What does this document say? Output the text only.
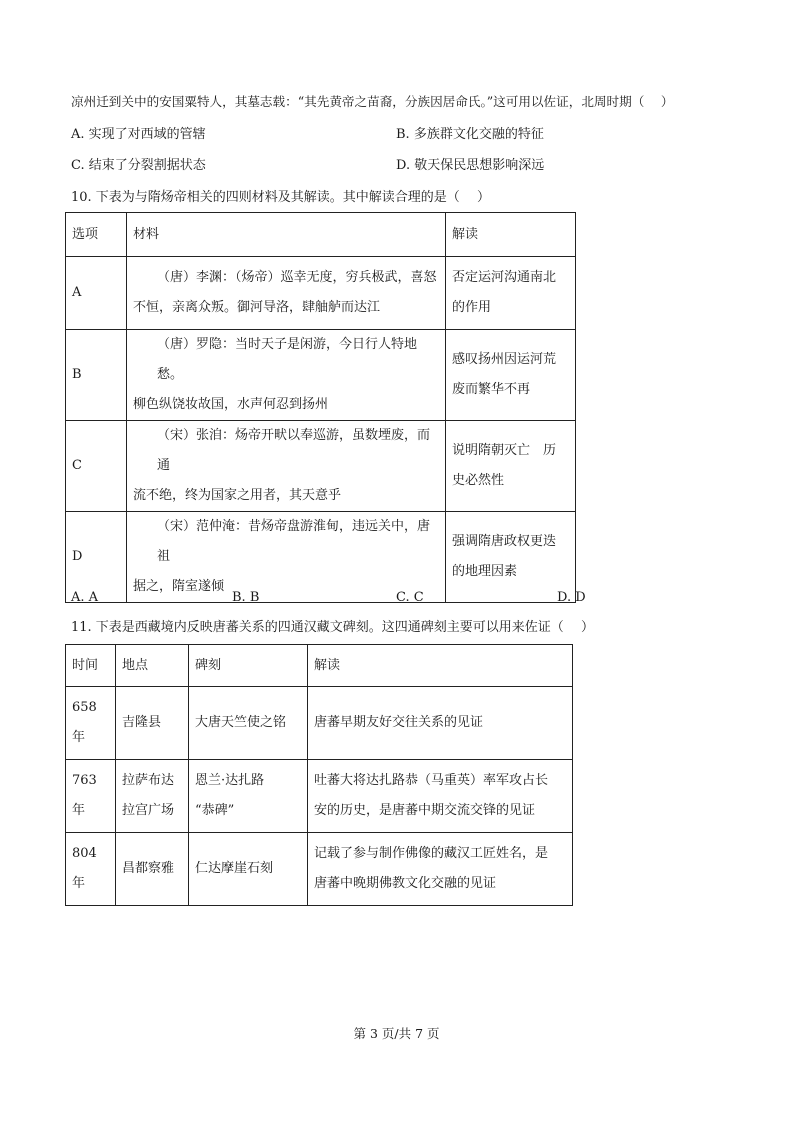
凉州迁到关中的安国粟特人，其墓志载：“其先黄帝之苗裔，分族因居命氏。”这可用以佐证，北周时期（　 ）
A. 实现了对西域的管辖	B. 多族群文化交融的特征
C. 结束了分裂割据状态	D. 敬天保民思想影响深远
10. 下表为与隋炀帝相关的四则材料及其解读。其中解读合理的是（　 ）
选项	材料	解读
A	（唐）李渊：（炀帝）巡幸无度，穷兵极武，喜怒
不恒，亲离众叛。御河导洛，肆舳舻而达江	否定运河沟通南北
的作用

B	（唐）罗隐：当时天子是闲游，今日行人特地愁。
柳色纵饶妆故国，水声何忍到扬州	感叹扬州因运河荒
废而繁华不再

C	（宋）张洎：炀帝开畎以奉巡游，虽数堙废，而通
流不绝，终为国家之用者，其天意乎	说明隋朝灭亡　历
史必然性

D	（宋）范仲淹：昔炀帝盘游淮甸，违远关中，唐祖
据之，隋室遂倾	强调隋唐政权更迭
的地理因素
A. A	B. B	C. C	D. D
11. 下表是西藏境内反映唐蕃关系的四通汉藏文碑刻。这四通碑刻主要可以用来佐证（　 ）
时间	地点	碑刻	解读

658
年	吉隆县	大唐天竺使之铭	唐蕃早期友好交往关系的见证

763
年	拉萨布达
拉宫广场	恩兰·达扎路
“恭碑”	吐蕃大将达扎路恭（马重英）率军攻占长
安的历史，是唐蕃中期交流交锋的见证

804
年	昌都察雅	仁达摩崖石刻	记载了参与制作佛像的藏汉工匠姓名，是
唐蕃中晚期佛教文化交融的见证
第 3 页/共 7 页
